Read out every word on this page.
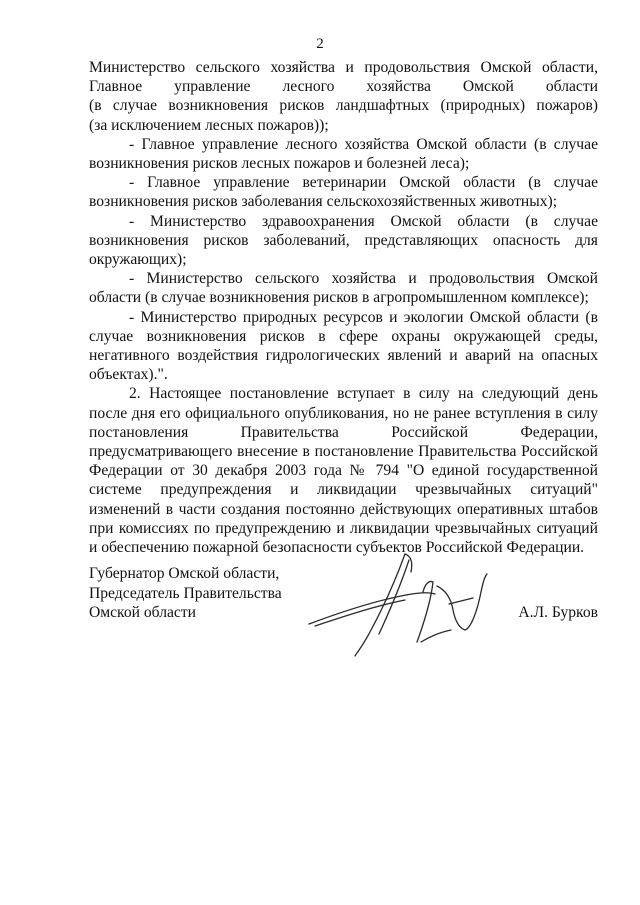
2
Министерство сельского хозяйства и продовольствия Омской области,
Главное управление лесного хозяйства Омской области
(в случае возникновения рисков ландшафтных (природных) пожаров)
(за исключением лесных пожаров));

- Главное управление лесного хозяйства Омской области (в случае возникновения рисков лесных пожаров и болезней леса);

- Главное управление ветеринарии Омской области (в случае возникновения рисков заболевания сельскохозяйственных животных);

- Министерство здравоохранения Омской области (в случае возникновения рисков заболеваний, представляющих опасность для окружающих);

- Министерство сельского хозяйства и продовольствия Омской области (в случае возникновения рисков в агропромышленном комплексе);

- Министерство природных ресурсов и экологии Омской области (в случае возникновения рисков в сфере охраны окружающей среды, негативного воздействия гидрологических явлений и аварий на опасных объектах).".

2. Настоящее постановление вступает в силу на следующий день после дня его официального опубликования, но не ранее вступления в силу постановления Правительства Российской Федерации, предусматривающего внесение в постановление Правительства Российской Федерации от 30 декабря 2003 года № 794 "О единой государственной системе предупреждения и ликвидации чрезвычайных ситуаций" изменений в части создания постоянно действующих оперативных штабов при комиссиях по предупреждению и ликвидации чрезвычайных ситуаций и обеспечению пожарной безопасности субъектов Российской Федерации.

Губернатор Омской области,
Председатель Правительства
Омской области	А.Л. Бурков
